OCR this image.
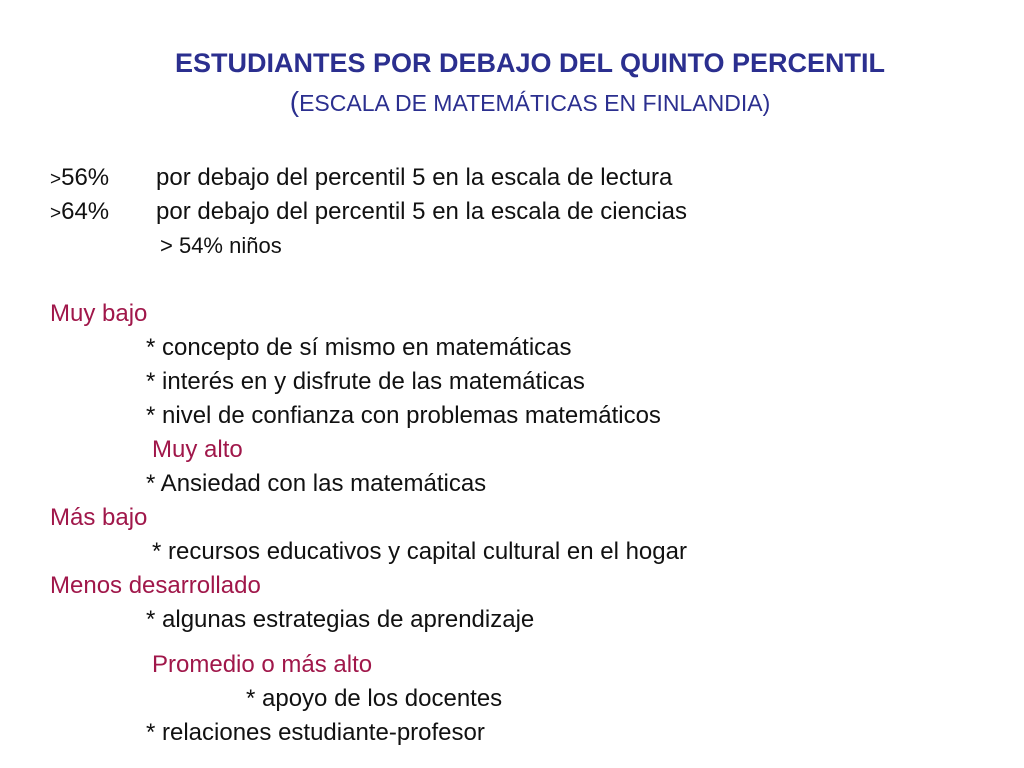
ESTUDIANTES POR DEBAJO DEL QUINTO PERCENTIL
(ESCALA DE MATEMÁTICAS EN FINLANDIA)
>56% por debajo del percentil 5 en la escala de lectura
>64% por debajo del percentil 5 en la escala de ciencias
> 54% niños
Muy bajo
* concepto de sí mismo en matemáticas
* interés en y disfrute de las matemáticas
* nivel de confianza con problemas matemáticos
Muy alto
* Ansiedad con las matemáticas
Más bajo
* recursos educativos y capital cultural en el hogar
Menos desarrollado
* algunas estrategias de aprendizaje
Promedio o más alto
* apoyo de los docentes
* relaciones estudiante-profesor
